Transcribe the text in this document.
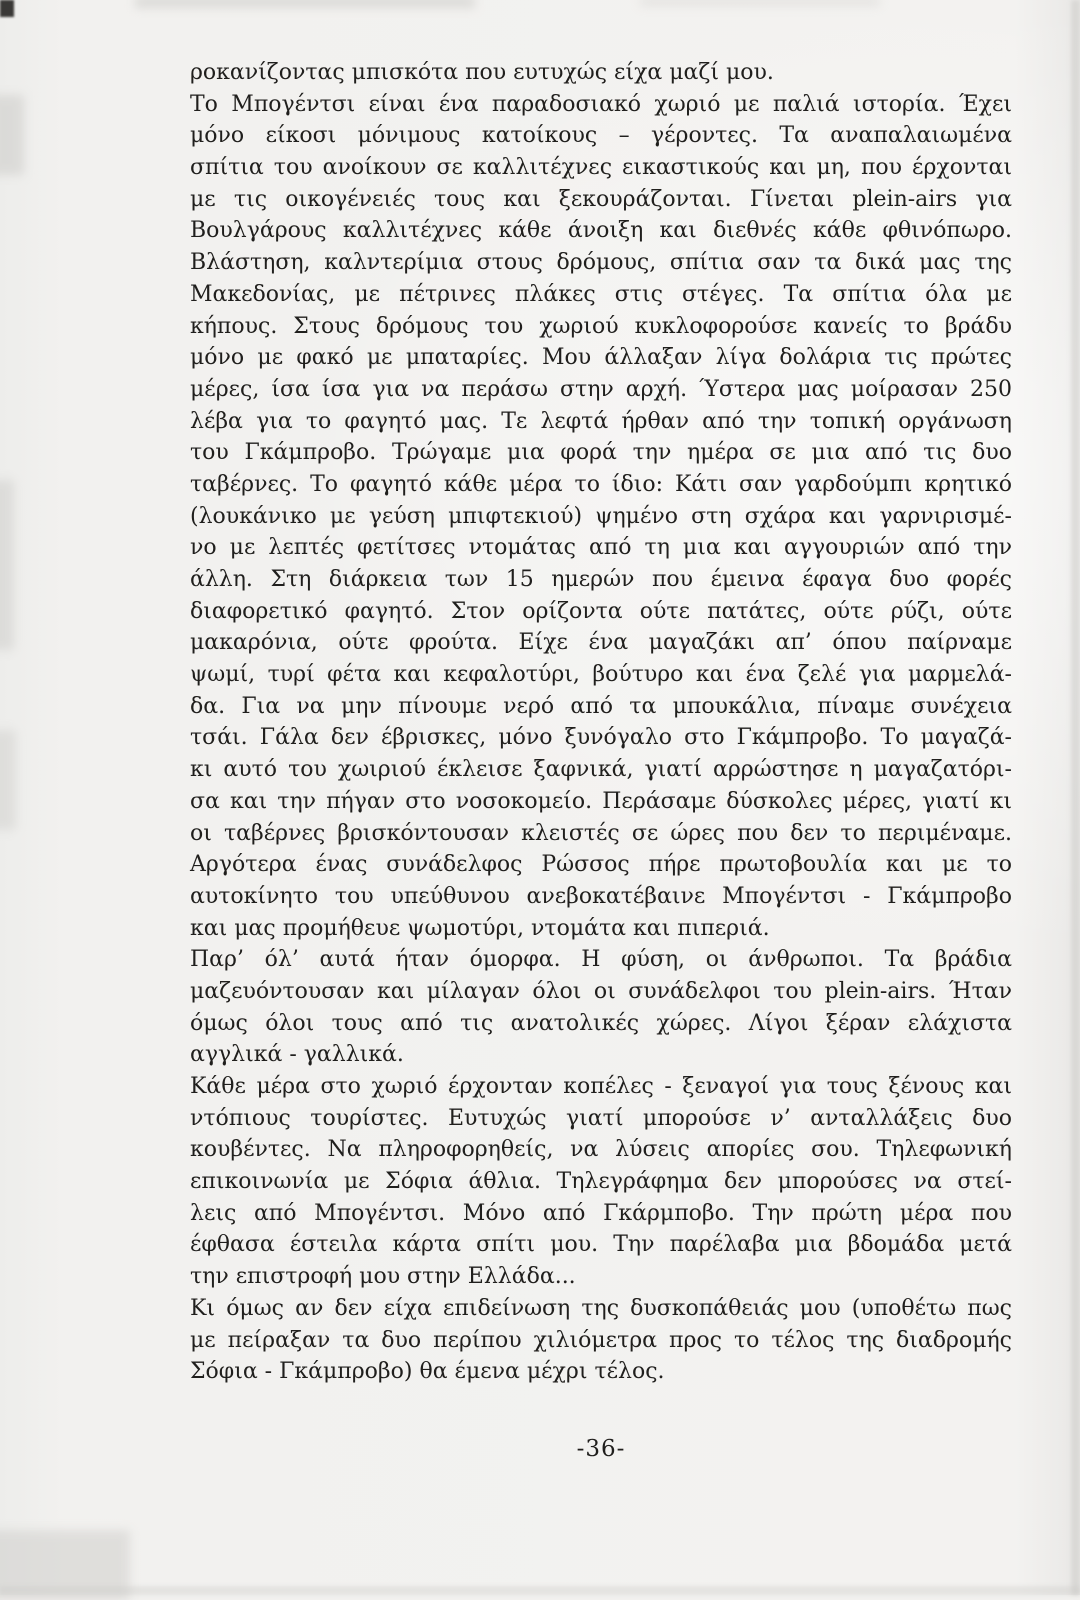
ροκανίζοντας μπισκότα που ευτυχώς είχα μαζί μου.
Το Μπογέντσι είναι ένα παραδοσιακό χωριό με παλιά ιστορία. Έχει
μόνο είκοσι μόνιμους κατοίκους – γέροντες. Τα αναπαλαιωμένα
σπίτια του ανοίκουν σε καλλιτέχνες εικαστικούς και μη, που έρχονται
με τις οικογένειές τους και ξεκουράζονται. Γίνεται plein-airs για
Βουλγάρους καλλιτέχνες κάθε άνοιξη και διεθνές κάθε φθινόπωρο.
Βλάστηση, καλντερίμια στους δρόμους, σπίτια σαν τα δικά μας της
Μακεδονίας, με πέτρινες πλάκες στις στέγες. Τα σπίτια όλα με
κήπους. Στους δρόμους του χωριού κυκλοφορούσε κανείς το βράδυ
μόνο με φακό με μπαταρίες. Μου άλλαξαν λίγα δολάρια τις πρώτες
μέρες, ίσα ίσα για να περάσω στην αρχή. Ύστερα μας μοίρασαν 250
λέβα για το φαγητό μας. Τε λεφτά ήρθαν από την τοπική οργάνωση
του Γκάμπροβο. Τρώγαμε μια φορά την ημέρα σε μια από τις δυο
ταβέρνες. Το φαγητό κάθε μέρα το ίδιο: Κάτι σαν γαρδούμπι κρητικό
(λουκάνικο με γεύση μπιφτεκιού) ψημένο στη σχάρα και γαρνιρισμέ-
νο με λεπτές φετίτσες ντομάτας από τη μια και αγγουριών από την
άλλη. Στη διάρκεια των 15 ημερών που έμεινα έφαγα δυο φορές
διαφορετικό φαγητό. Στον ορίζοντα ούτε πατάτες, ούτε ρύζι, ούτε
μακαρόνια, ούτε φρούτα. Είχε ένα μαγαζάκι απ’ όπου παίρναμε
ψωμί, τυρί φέτα και κεφαλοτύρι, βούτυρο και ένα ζελέ για μαρμελά-
δα. Για να μην πίνουμε νερό από τα μπουκάλια, πίναμε συνέχεια
τσάι. Γάλα δεν έβρισκες, μόνο ξυνόγαλο στο Γκάμπροβο. Το μαγαζά-
κι αυτό του χωιριού έκλεισε ξαφνικά, γιατί αρρώστησε η μαγαζατόρι-
σα και την πήγαν στο νοσοκομείο. Περάσαμε δύσκολες μέρες, γιατί κι
οι ταβέρνες βρισκόντουσαν κλειστές σε ώρες που δεν το περιμέναμε.
Αργότερα ένας συνάδελφος Ρώσσος πήρε πρωτοβουλία και με το
αυτοκίνητο του υπεύθυνου ανεβοκατέβαινε Μπογέντσι - Γκάμπροβο
και μας προμήθευε ψωμοτύρι, ντομάτα και πιπεριά.
Παρ’ όλ’ αυτά ήταν όμορφα. Η φύση, οι άνθρωποι. Τα βράδια
μαζευόντουσαν και μίλαγαν όλοι οι συνάδελφοι του plein-airs. Ήταν
όμως όλοι τους από τις ανατολικές χώρες. Λίγοι ξέραν ελάχιστα
αγγλικά - γαλλικά.
Κάθε μέρα στο χωριό έρχονταν κοπέλες - ξεναγοί για τους ξένους και
ντόπιους τουρίστες. Ευτυχώς γιατί μπορούσε ν’ ανταλλάξεις δυο
κουβέντες. Να πληροφορηθείς, να λύσεις απορίες σου. Τηλεφωνική
επικοινωνία με Σόφια άθλια. Τηλεγράφημα δεν μπορούσες να στεί-
λεις από Μπογέντσι. Μόνο από Γκάρμποβο. Την πρώτη μέρα που
έφθασα έστειλα κάρτα σπίτι μου. Την παρέλαβα μια βδομάδα μετά
την επιστροφή μου στην Ελλάδα...
Κι όμως αν δεν είχα επιδείνωση της δυσκοπάθειάς μου (υποθέτω πως
με πείραξαν τα δυο περίπου χιλιόμετρα προς το τέλος της διαδρομής
Σόφια - Γκάμπροβο) θα έμενα μέχρι τέλος.
-36-
